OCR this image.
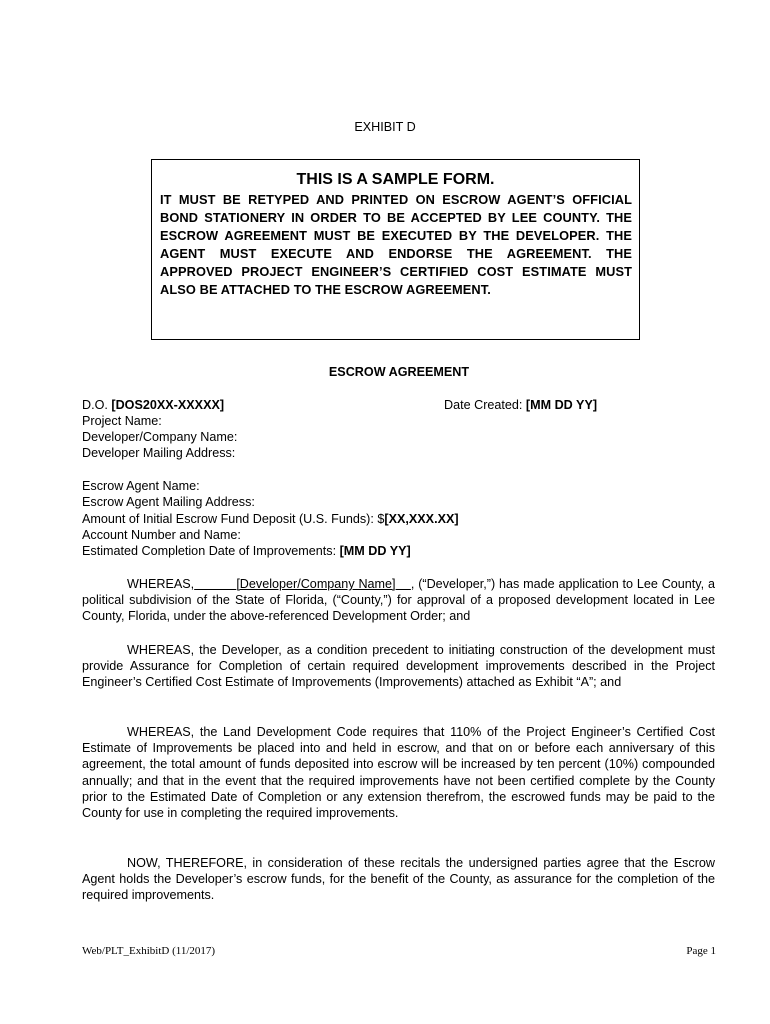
EXHIBIT D
THIS IS A SAMPLE FORM.
IT MUST BE RETYPED AND PRINTED ON ESCROW AGENT’S OFFICIAL BOND STATIONERY IN ORDER TO BE ACCEPTED BY LEE COUNTY. THE ESCROW AGREEMENT MUST BE EXECUTED BY THE DEVELOPER. THE AGENT MUST EXECUTE AND ENDORSE THE AGREEMENT. THE APPROVED PROJECT ENGINEER’S CERTIFIED COST ESTIMATE MUST ALSO BE ATTACHED TO THE ESCROW AGREEMENT.
ESCROW AGREEMENT
D.O. [DOS20XX-XXXXX]	Date Created: [MM DD YY]
Project Name:
Developer/Company Name:
Developer Mailing Address:
Escrow Agent Name:
Escrow Agent Mailing Address:
Amount of Initial Escrow Fund Deposit (U.S. Funds): $[XX,XXX.XX]
Account Number and Name:
Estimated Completion Date of Improvements: [MM DD YY]
WHEREAS,	[Developer/Company Name] , (“Developer,”) has made application to Lee County, a political subdivision of the State of Florida, (“County,”) for approval of a proposed development located in Lee County, Florida, under the above-referenced Development Order; and
WHEREAS, the Developer, as a condition precedent to initiating construction of the development must provide Assurance for Completion of certain required development improvements described in the Project Engineer’s Certified Cost Estimate of Improvements (Improvements) attached as Exhibit “A”; and
WHEREAS, the Land Development Code requires that 110% of the Project Engineer’s Certified Cost Estimate of Improvements be placed into and held in escrow, and that on or before each anniversary of this agreement, the total amount of funds deposited into escrow will be increased by ten percent (10%) compounded annually; and that in the event that the required improvements have not been certified complete by the County prior to the Estimated Date of Completion or any extension therefrom, the escrowed funds may be paid to the County for use in completing the required improvements.
NOW, THEREFORE, in consideration of these recitals the undersigned parties agree that the Escrow Agent holds the Developer’s escrow funds, for the benefit of the County, as assurance for the completion of the required improvements.
Web/PLT_ExhibitD (11/2017)	Page 1
